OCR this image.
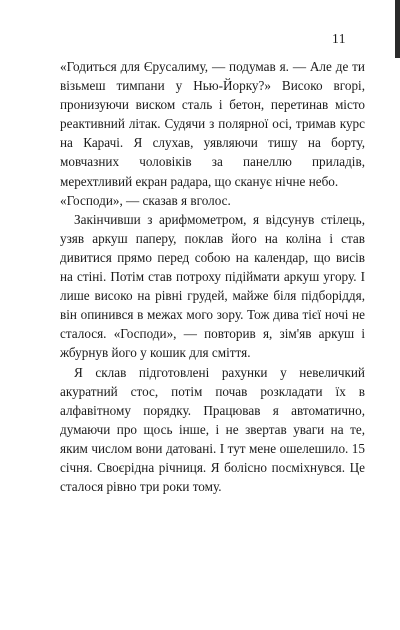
11

«Годиться для Єрусалиму, — подумав я. — Але де ти візьмеш тимпани у Нью-Йорку?» Високо вгорі, пронизуючи виском сталь і бетон, перетинав місто реактивний літак. Судячи з полярної осі, тримав курс на Карачі. Я слухав, уявляючи тишу на борту, мовчазних чоловіків за панеллю приладів, мерехтливий екран радара, що сканує нічне небо.

«Господи», — сказав я вголос.

Закінчивши з арифмометром, я відсунув стілець, узяв аркуш паперу, поклав його на коліна і став дивитися прямо перед собою на календар, що висів на стіні. Потім став потроху підіймати аркуш угору. І лише високо на рівні грудей, майже біля підборіддя, він опинився в межах мого зору. Тож дива тієї ночі не сталося. «Господи», — повторив я, зім'яв аркуш і жбурнув його у кошик для сміття.

Я склав підготовлені рахунки у невеличкий акуратний стос, потім почав розкладати їх в алфавітному порядку. Працював я автоматично, думаючи про щось інше, і не звертав уваги на те, яким числом вони датовані. І тут мене ошелешило. 15 січня. Своєрідна річниця. Я болісно посміхнувся. Це сталося рівно три роки тому.
